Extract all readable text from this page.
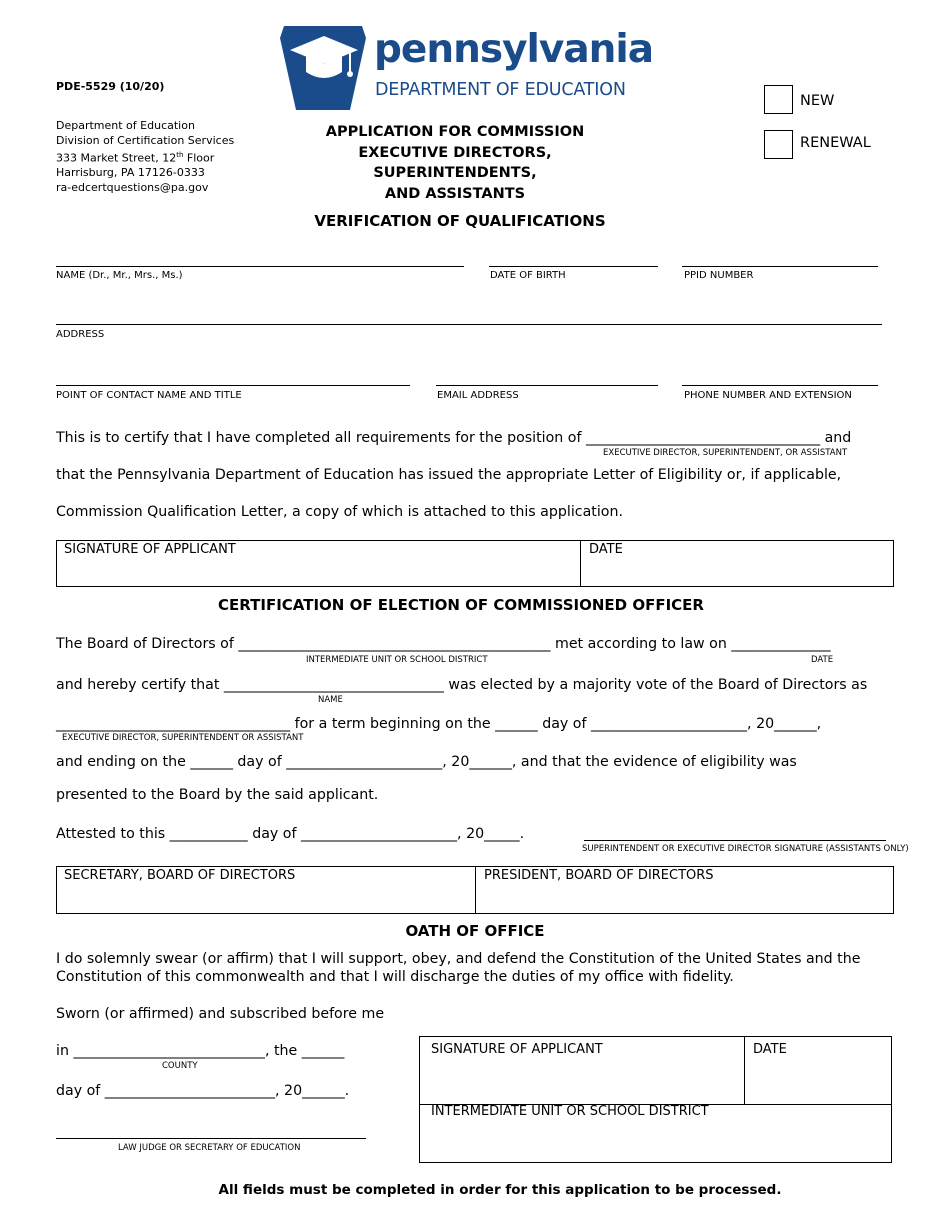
PDE-5529 (10/20)
Department of Education
Division of Certification Services
333 Market Street, 12th Floor
Harrisburg, PA 17126-0333
ra-edcertquestions@pa.gov
pennsylvania
DEPARTMENT OF EDUCATION
APPLICATION FOR COMMISSION
EXECUTIVE DIRECTORS,
SUPERINTENDENTS,
AND ASSISTANTS
VERIFICATION OF QUALIFICATIONS
NEW
RENEWAL
NAME (Dr., Mr., Mrs., Ms.)	DATE OF BIRTH	PPID NUMBER
ADDRESS
POINT OF CONTACT NAME AND TITLE	EMAIL ADDRESS	PHONE NUMBER AND EXTENSION
This is to certify that I have completed all requirements for the position of _________________________________ and
EXECUTIVE DIRECTOR, SUPERINTENDENT, OR ASSISTANT
that the Pennsylvania Department of Education has issued the appropriate Letter of Eligibility or, if applicable,
Commission Qualification Letter, a copy of which is attached to this application.
SIGNATURE OF APPLICANT	DATE
CERTIFICATION OF ELECTION OF COMMISSIONED OFFICER
The Board of Directors of ____________________________________________ met according to law on ______________
INTERMEDIATE UNIT OR SCHOOL DISTRICT	DATE
and hereby certify that _______________________________ was elected by a majority vote of the Board of Directors as
NAME
_________________________________ for a term beginning on the ______ day of ______________________, 20______,
EXECUTIVE DIRECTOR, SUPERINTENDENT OR ASSISTANT
and ending on the ______ day of ______________________, 20______, and that the evidence of eligibility was
presented to the Board by the said applicant.
Attested to this ___________ day of ______________________, 20_____.
SUPERINTENDENT OR EXECUTIVE DIRECTOR SIGNATURE (ASSISTANTS ONLY)
SECRETARY, BOARD OF DIRECTORS	PRESIDENT, BOARD OF DIRECTORS
OATH OF OFFICE
I do solemnly swear (or affirm) that I will support, obey, and defend the Constitution of the United States and the
Constitution of this commonwealth and that I will discharge the duties of my office with fidelity.
Sworn (or affirmed) and subscribed before me
in ___________________________, the ______
COUNTY
day of ________________________, 20______.
LAW JUDGE OR SECRETARY OF EDUCATION
SIGNATURE OF APPLICANT	DATE
INTERMEDIATE UNIT OR SCHOOL DISTRICT
All fields must be completed in order for this application to be processed.
